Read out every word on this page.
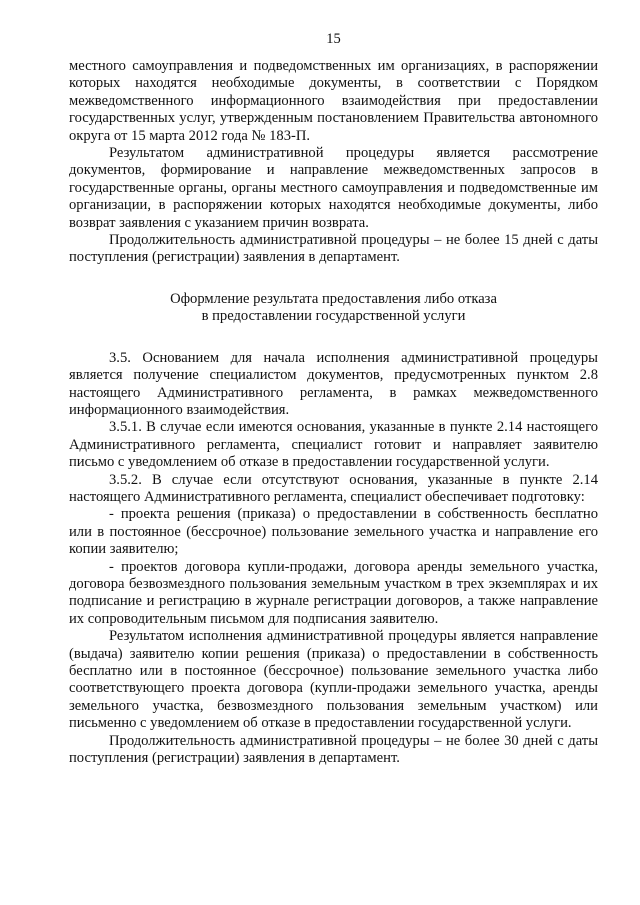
15

местного самоуправления и подведомственных им организациях, в распоряжении которых находятся необходимые документы, в соответствии с Порядком межведомственного информационного взаимодействия при предоставлении государственных услуг, утвержденным постановлением Правительства автономного округа от 15 марта 2012 года № 183-П.

Результатом административной процедуры является рассмотрение документов, формирование и направление межведомственных запросов в государственные органы, органы местного самоуправления и подведомственные им организации, в распоряжении которых находятся необходимые документы, либо возврат заявления с указанием причин возврата.

Продолжительность административной процедуры – не более 15 дней с даты поступления (регистрации) заявления в департамент.

Оформление результата предоставления либо отказа
в предоставлении государственной услуги

3.5. Основанием для начала исполнения административной процедуры является получение специалистом документов, предусмотренных пунктом 2.8 настоящего Административного регламента, в рамках межведомственного информационного взаимодействия.

3.5.1. В случае если имеются основания, указанные в пункте 2.14 настоящего Административного регламента, специалист готовит и направляет заявителю письмо с уведомлением об отказе в предоставлении государственной услуги.

3.5.2. В случае если отсутствуют основания, указанные в пункте 2.14 настоящего Административного регламента, специалист обеспечивает подготовку:

- проекта решения (приказа) о предоставлении в собственность бесплатно или в постоянное (бессрочное) пользование земельного участка и направление его копии заявителю;

- проектов договора купли-продажи, договора аренды земельного участка, договора безвозмездного пользования земельным участком в трех экземплярах и их подписание и регистрацию в журнале регистрации договоров, а также направление их сопроводительным письмом для подписания заявителю.

Результатом исполнения административной процедуры является направление (выдача) заявителю копии решения (приказа) о предоставлении в собственность бесплатно или в постоянное (бессрочное) пользование земельного участка либо соответствующего проекта договора (купли-продажи земельного участка, аренды земельного участка, безвозмездного пользования земельным участком) или письменно с уведомлением об отказе в предоставлении государственной услуги.

Продолжительность административной процедуры – не более 30 дней с даты поступления (регистрации) заявления в департамент.
